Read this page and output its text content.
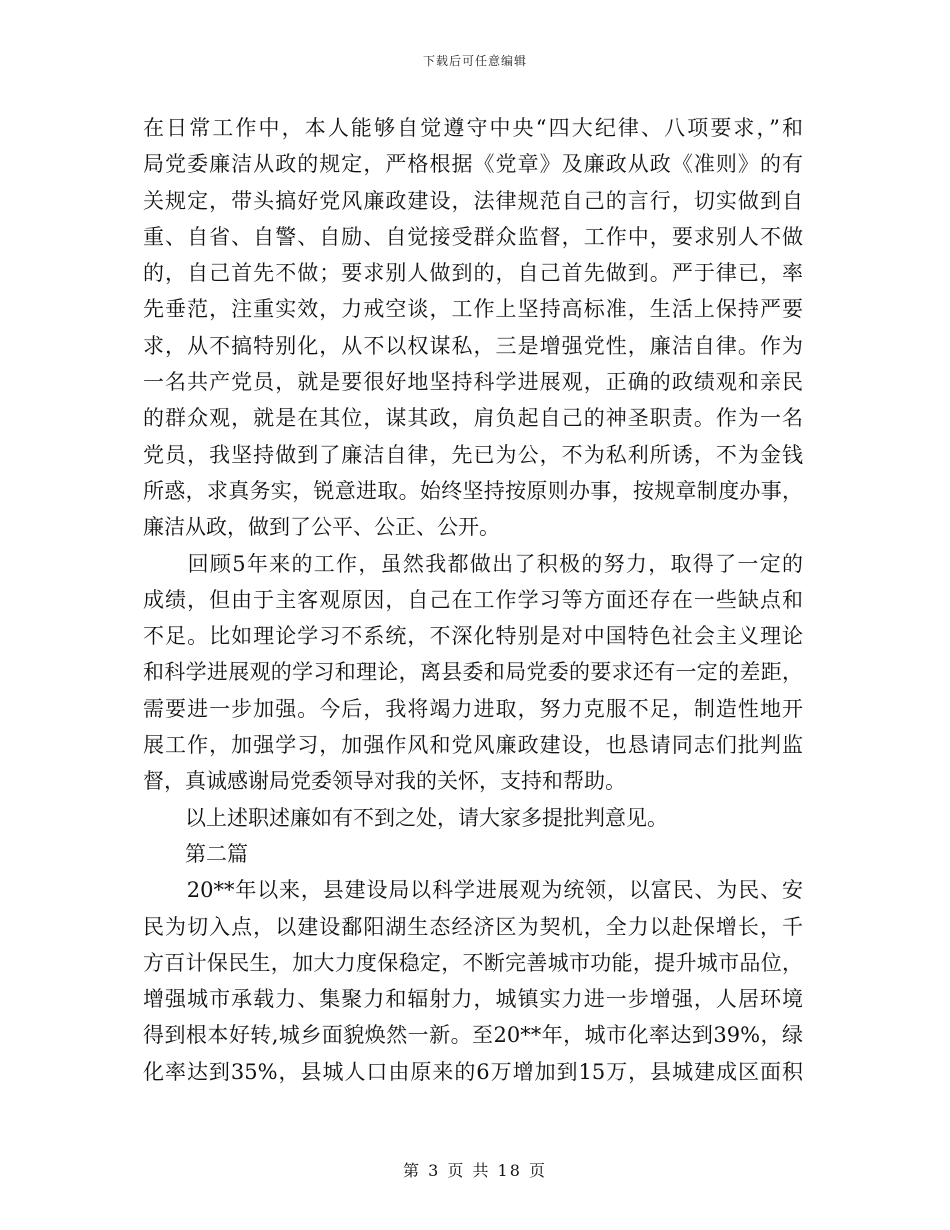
下载后可任意编辑
在日常工作中，本人能够自觉遵守中央“四大纪律、八项要求，”和
局党委廉洁从政的规定，严格根据《党章》及廉政从政《准则》的有
关规定，带头搞好党风廉政建设，法律规范自己的言行，切实做到自
重、自省、自警、自励、自觉接受群众监督，工作中，要求别人不做
的，自己首先不做；要求别人做到的，自己首先做到。严于律已，率
先垂范，注重实效，力戒空谈，工作上坚持高标准，生活上保持严要
求，从不搞特别化，从不以权谋私，三是增强党性，廉洁自律。作为
一名共产党员，就是要很好地坚持科学进展观，正确的政绩观和亲民
的群众观，就是在其位，谋其政，肩负起自己的神圣职责。作为一名
党员，我坚持做到了廉洁自律，先已为公，不为私利所诱，不为金钱
所惑，求真务实，锐意进取。始终坚持按原则办事，按规章制度办事，
廉洁从政，做到了公平、公正、公开。
　　回顾5年来的工作，虽然我都做出了积极的努力，取得了一定的
成绩，但由于主客观原因，自己在工作学习等方面还存在一些缺点和
不足。比如理论学习不系统，不深化特别是对中国特色社会主义理论
和科学进展观的学习和理论，离县委和局党委的要求还有一定的差距，
需要进一步加强。今后，我将竭力进取，努力克服不足，制造性地开
展工作，加强学习，加强作风和党风廉政建设，也恳请同志们批判监
督，真诚感谢局党委领导对我的关怀，支持和帮助。
　　以上述职述廉如有不到之处，请大家多提批判意见。
　　第二篇
　　20**年以来，县建设局以科学进展观为统领，以富民、为民、安
民为切入点，以建设鄱阳湖生态经济区为契机，全力以赴保增长，千
方百计保民生，加大力度保稳定，不断完善城市功能，提升城市品位，
增强城市承载力、集聚力和辐射力，城镇实力进一步增强，人居环境
得到根本好转,城乡面貌焕然一新。至20**年，城市化率达到39%，绿
化率达到35%，县城人口由原来的6万增加到15万，县城建成区面积
第 3 页 共 18 页
